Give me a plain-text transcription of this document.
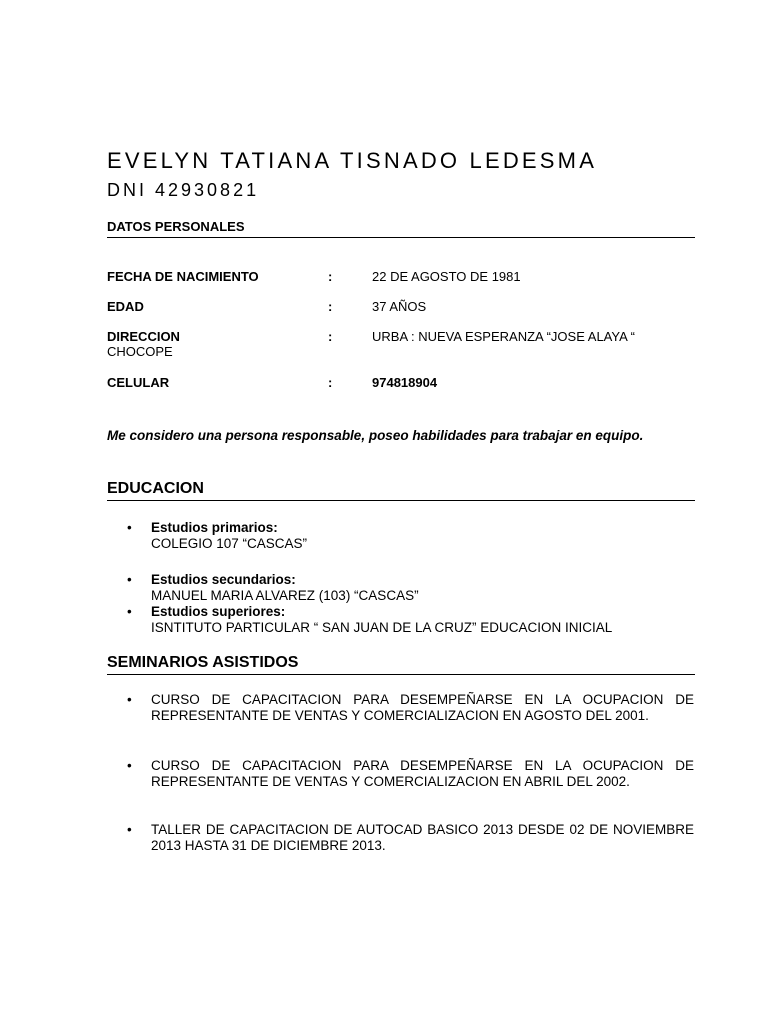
EVELYN TATIANA TISNADO LEDESMA
DNI 42930821
DATOS PERSONALES
FECHA DE NACIMIENTO	:	22 DE AGOSTO DE 1981
EDAD	:	37 AÑOS
DIRECCION	:	URBA : NUEVA ESPERANZA “JOSE ALAYA “
CHOCOPE
CELULAR	:	974818904
Me considero una persona responsable, poseo habilidades para trabajar en equipo.
EDUCACION
• Estudios primarios:
COLEGIO 107 “CASCAS”
• Estudios secundarios:
MANUEL MARIA ALVAREZ (103) “CASCAS”
• Estudios superiores:
ISNTITUTO PARTICULAR “ SAN JUAN DE LA CRUZ” EDUCACION INICIAL
SEMINARIOS ASISTIDOS
• CURSO DE CAPACITACION PARA DESEMPEÑARSE EN LA OCUPACION DE REPRESENTANTE DE VENTAS Y COMERCIALIZACION EN AGOSTO DEL 2001.
• CURSO DE CAPACITACION PARA DESEMPEÑARSE EN LA OCUPACION DE REPRESENTANTE DE VENTAS Y COMERCIALIZACION EN ABRIL DEL 2002.
• TALLER DE CAPACITACION DE AUTOCAD BASICO 2013 DESDE 02 DE NOVIEMBRE 2013 HASTA 31 DE DICIEMBRE 2013.
